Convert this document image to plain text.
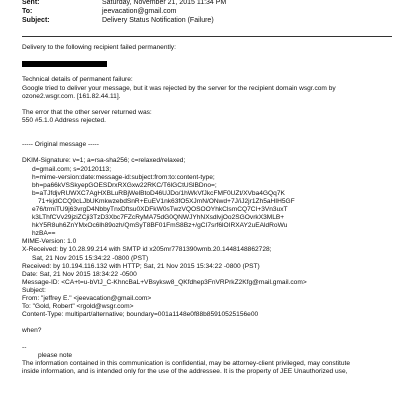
Sent:	Saturday, November 21, 2015 11:34 PM
To:	jeevacation@gmail.com
Subject:	Delivery Status Notification (Failure)

Delivery to the following recipient failed permanently:

Technical details of permanent failure:

Google tried to deliver your message, but it was rejected by the server for the recipient domain wsgr.com by

ozone2.wsgr.com. [161.82.44.11].

The error that the other server returned was:

550 #5.1.0 Address rejected.

----- Original message -----

DKIM-Signature: v=1; a=rsa-sha256; c=relaxed/relaxed;

d=gmail.com; s=20120113;

h=mime-version:date:message-id:subject:from:to:content-type;

bh=pa66kVSSkyepGOESDrxRXGxw22RKC/T6lGCtUSlBDno=;

b=aTJfdjvRUWXC7AgHXBLuRBjWelBtoD46UJDo/1hWkVfJkcFMF0UZt/XVba4GQq7K

71+kjdCCQ9cLJbUKmkwzebdSnR+EuEV1nk63fO5XJmN/ONwd+7J/iJ2jr1Zh5aHIH5GF

e76/trmiTU9j63vrgD4NbbyTnxDftsu0XDFkW0sTwzVQOSOOYhkClsmCQ7CI+3Vn3uxT

k3LThfCVv29jziZCji3TzD3Xbc7FZcRyMA75dG0QNWJYhNXsdlvjOo2SGOvrkX3MLB+

hkY5R8uh6ZnYMxOc6lh89ozh/QmSyT8BF01FmS8Bz+/gCI7srf6lOIRXAY2uEAldRoWu

hzBA==

MIME-Version: 1.0

X-Received: by 10.28.99.214 with SMTP id x205mr7781390wmb.20.1448148862728;

Sat, 21 Nov 2015 15:34:22 -0800 (PST)

Received: by 10.194.116.132 with HTTP; Sat, 21 Nov 2015 15:34:22 -0800 (PST)

Date: Sat, 21 Nov 2015 18:34:22 -0500

Message-ID: <CA+t=u-bVtJ_C-KhncBaL+VBsyksw8_QKfdhep3FnVRPrkZ2Kfg@mail.gmail.com>

Subject:

From: "jeffrey E." <jeevacation@gmail.com>

To: "Gold, Robert" <rgold@wsgr.com>

Content-Type: multipart/alternative; boundary=001a1148e0f88b85910525156e00

when?

--

please note

The information contained in this communication is confidential, may be attorney-client privileged, may constitute

inside information, and is intended only for the use of the addressee. It is the property of JEE Unauthorized use,
